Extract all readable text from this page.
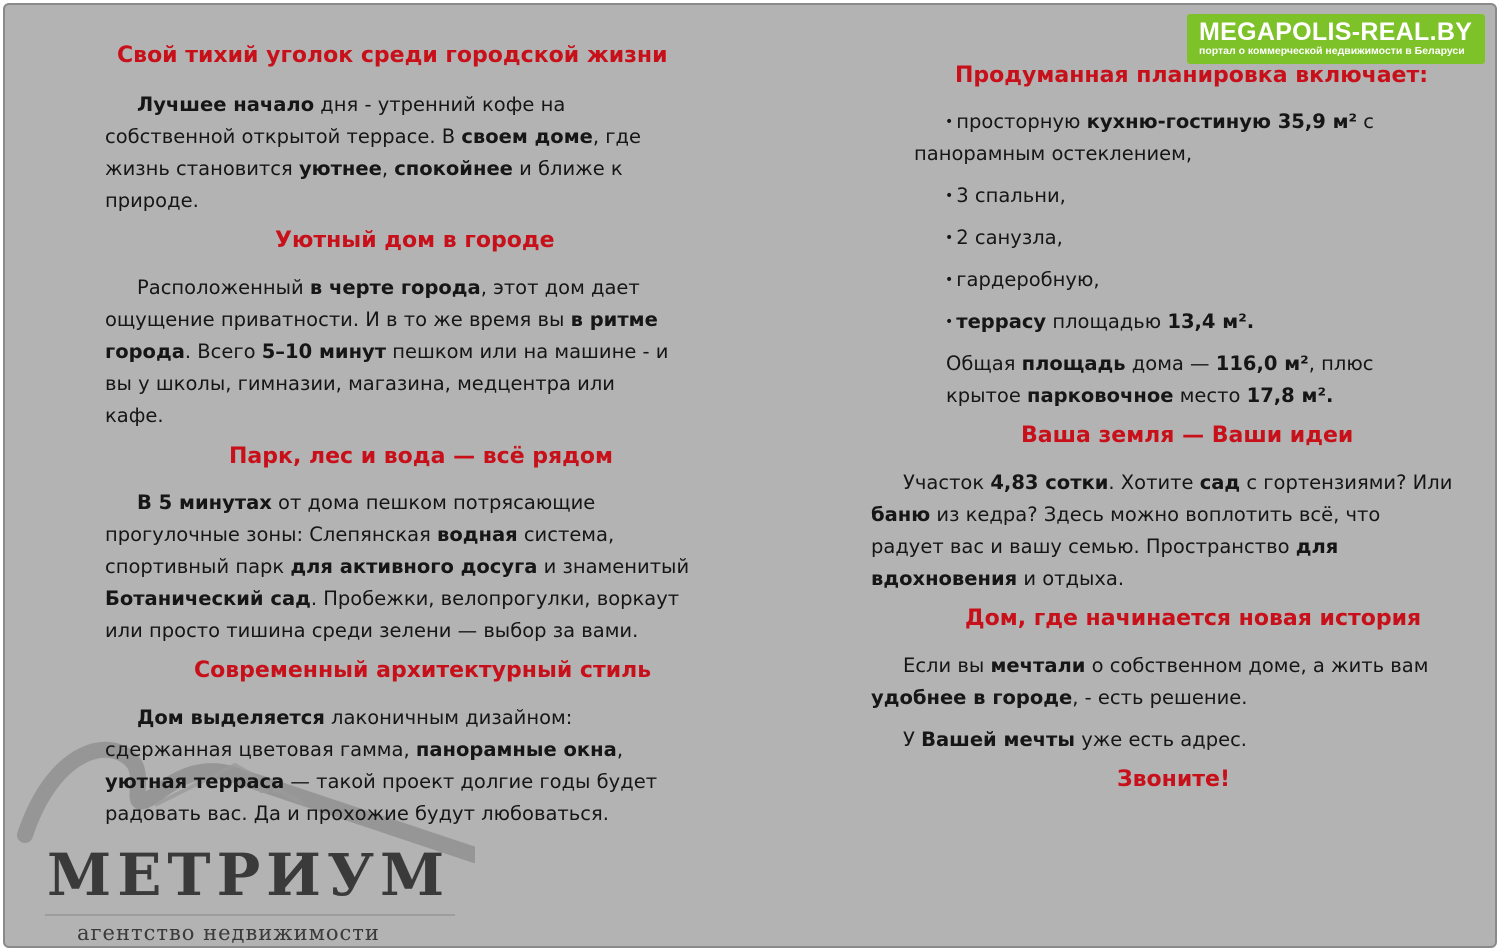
MEGAPOLIS-REAL.BY
портал о коммерческой недвижимости в Беларуси
МЕТРИУМ
агентство недвижимости
Свой тихий уголок среди городской жизни
Лучшее начало дня - утренний кофе на
собственной открытой террасе. В своем доме, где
жизнь становится уютнее, спокойнее и ближе к
природе.
Уютный дом в городе
Расположенный в черте города, этот дом дает
ощущение приватности. И в то же время вы в ритме
города. Всего 5–10 минут пешком или на машине - и
вы у школы, гимназии, магазина, медцентра или
кафе.
Парк, лес и вода — всё рядом
В 5 минутах от дома пешком потрясающие
прогулочные зоны: Слепянская водная система,
спортивный парк для активного досуга и знаменитый
Ботанический сад. Пробежки, велопрогулки, воркаут
или просто тишина среди зелени — выбор за вами.
Современный архитектурный стиль
Дом выделяется лаконичным дизайном:
сдержанная цветовая гамма, панорамные окна,
уютная терраса — такой проект долгие годы будет
радовать вас. Да и прохожие будут любоваться.
Продуманная планировка включает:
• просторную кухню-гостиную 35,9 м² с
панорамным остеклением,
• 3 спальни,
• 2 санузла,
• гардеробную,
• террасу площадью 13,4 м².
Общая площадь дома — 116,0 м², плюс
крытое парковочное место 17,8 м².
Ваша земля — Ваши идеи
Участок 4,83 сотки. Хотите сад с гортензиями? Или
баню из кедра? Здесь можно воплотить всё, что
радует вас и вашу семью. Пространство для
вдохновения и отдыха.
Дом, где начинается новая история
Если вы мечтали о собственном доме, а жить вам
удобнее в городе, - есть решение.
У Вашей мечты уже есть адрес.
Звоните!
